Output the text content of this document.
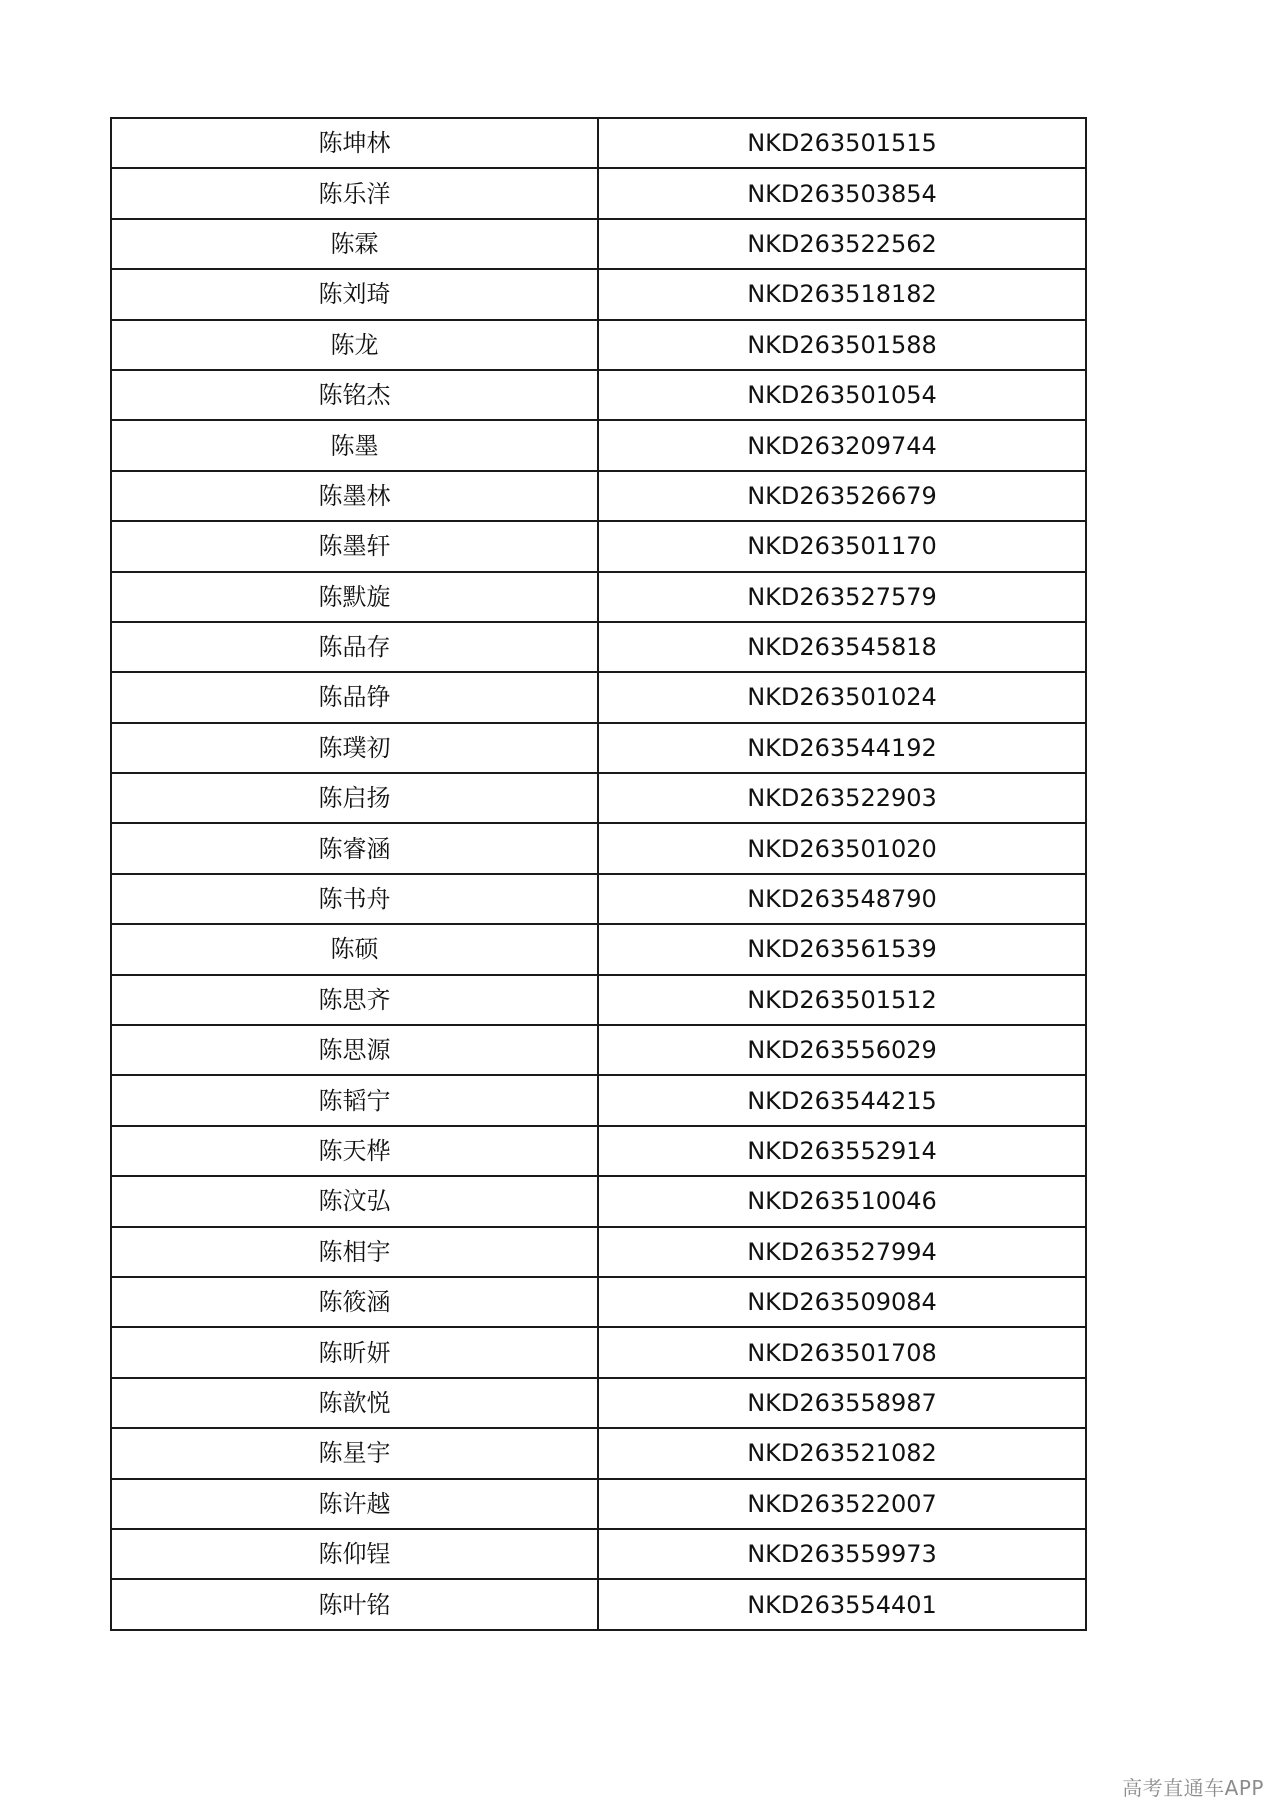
陈坤林	NKD263501515
陈乐洋	NKD263503854
陈霖	NKD263522562
陈刘琦	NKD263518182
陈龙	NKD263501588
陈铭杰	NKD263501054
陈墨	NKD263209744
陈墨林	NKD263526679
陈墨轩	NKD263501170
陈默旋	NKD263527579
陈品存	NKD263545818
陈品铮	NKD263501024
陈璞初	NKD263544192
陈启扬	NKD263522903
陈睿涵	NKD263501020
陈书舟	NKD263548790
陈硕	NKD263561539
陈思齐	NKD263501512
陈思源	NKD263556029
陈韬宁	NKD263544215
陈天桦	NKD263552914
陈汶弘	NKD263510046
陈相宇	NKD263527994
陈筱涵	NKD263509084
陈昕妍	NKD263501708
陈歆悦	NKD263558987
陈星宇	NKD263521082
陈许越	NKD263522007
陈仰锃	NKD263559973
陈叶铭	NKD263554401
高考直通车APP
